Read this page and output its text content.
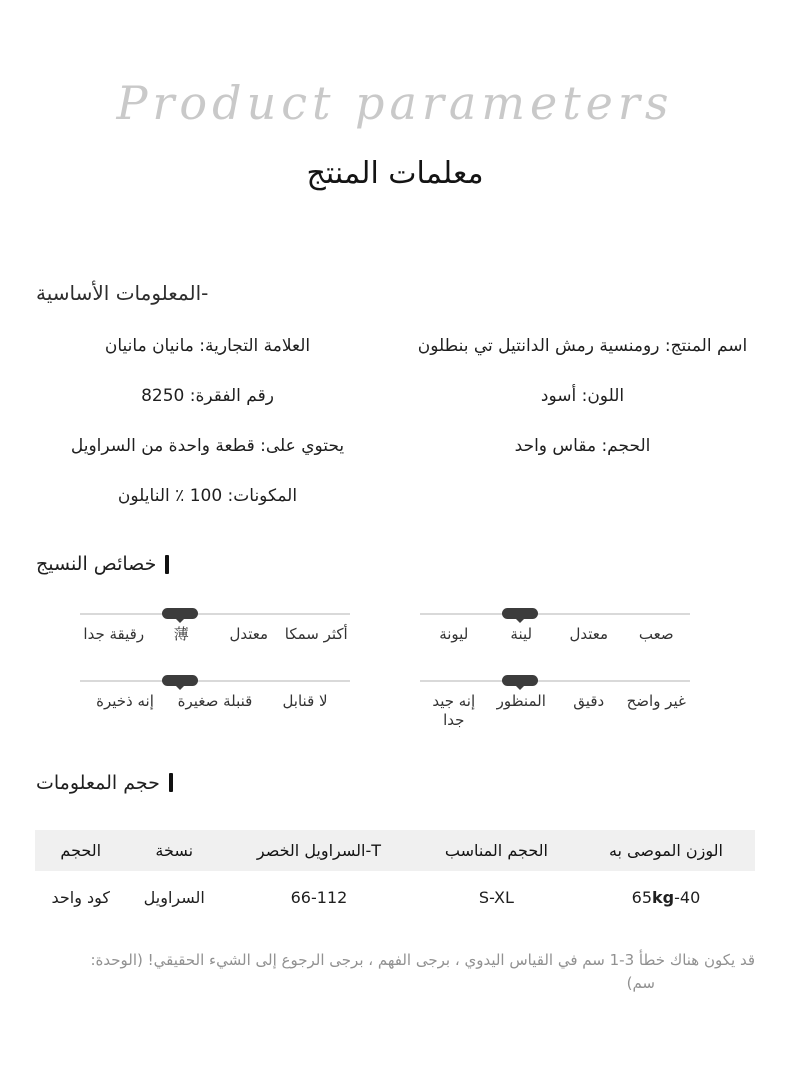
Product parameters
معلمات المنتج
-المعلومات الأساسية
اسم المنتج: رومنسية رمش الدانتيل تي بنطلون
العلامة التجارية: مانيان مانيان
اللون: أسود
رقم الفقرة: 8250
الحجم: مقاس واحد
يحتوي على: قطعة واحدة من السراويل
المكونات: 100 ٪ النايلون
خصائص النسيج
أكثر سمكا
معتدل
薄
رقيقة جدا
لا قنابل
قنبلة صغيرة
إنه ذخيرة
صعب
معتدل
لينة
ليونة
غير واضح
دقيق
المنظور
إنه جيد جدا
حجم المعلومات
الوزن الموصى به	الحجم المناسب	T-السراويل الخصر	نسخة	الحجم
65kg-40	S-XL	66-112	السراويل	كود واحد
قد يكون هناك خطأ 3-1 سم في القياس اليدوي ، برجى الفهم ، برجى الرجوع إلى الشيء الحقيقي! (الوحدة:
سم)
